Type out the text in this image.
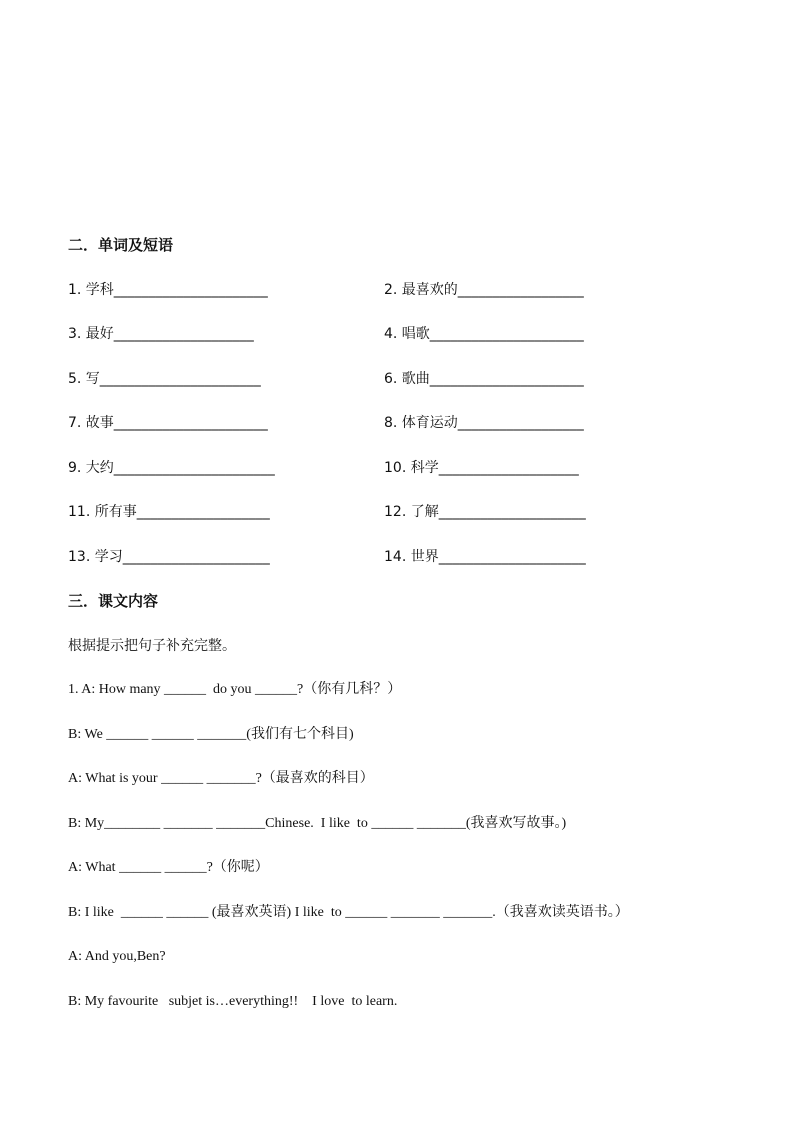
二．单词及短语
1. 学科______________________	2. 最喜欢的__________________
3. 最好____________________	4. 唱歌______________________
5. 写_______________________	6. 歌曲______________________
7. 故事______________________	8. 体育运动__________________
9. 大约_______________________	10. 科学____________________
11. 所有事___________________	12. 了解_____________________
13. 学习_____________________	14. 世界_____________________
三．课文内容
根据提示把句子补充完整。
1. A: How many ______  do you ______?（你有几科？）
B: We ______ ______ _______(我们有七个科目)
A: What is your ______ _______?（最喜欢的科目）
B: My________ _______ _______Chinese.  I like  to ______ _______(我喜欢写故事。)
A: What ______ ______?（你呢）
B: I like  ______ ______ (最喜欢英语) I like  to ______ _______ _______.（我喜欢读英语书。）
A: And you,Ben?
B: My favourite   subjet is…everything!!    I love  to learn.
